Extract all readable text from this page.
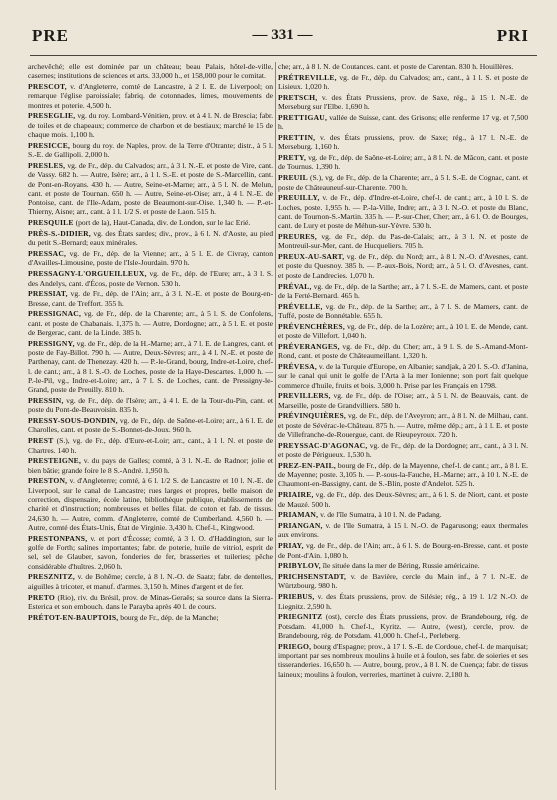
PRE	— 331 —	PRI

archevêché; elle est dominée par un château; beau Palais, hôtel-de-ville, casernes; institutions de sciences et arts. 33,000 h., et 158,000 pour le comitat.

PRESCOT, v. d'Angleterre, comté de Lancastre, à 2 l. E. de Liverpool; on remarque l'église paroissiale; fabriq. de cotonnades, limes, mouvements de montres et poterie. 4,500 h.

PRESEGLIE, vg. du roy. Lombard-Vénitien, prov. et à 4 l. N. de Brescia; fabr. de toiles et de chapeaux; commerce de charbon et de bestiaux; marché le 15 de chaque mois. 1,100 h.

PRESICCE, bourg du roy. de Naples, prov. de la Terre d'Otrante; distr., à 5 l. S.-E. de Gallipoli. 2,000 h.

PRESLES, vg. de Fr., dép. du Calvados; arr., à 3 l. N.-E. et poste de Vire, cant. de Vassy. 682 h. — Autre, Isère; arr., à 1 l. S.-E. et poste de S.-Marcellin, cant. de Pont-en-Royans. 430 h. — Autre, Seine-et-Marne; arr., à 5 l. N. de Melun, cant. et poste de Tournan. 650 h. — Autre, Seine-et-Oise; arr., à 4 l. N.-E. de Pontoise, cant. de l'Ile-Adam, poste de Beaumont-sur-Oise. 1,340 h. — P.-et-Thierny, Aisne; arr., cant. à 1 l. 1/2 S. et poste de Laon. 515 h.

PRESQUILE (port de la), Haut-Canada, div. de London, sur le lac Erié.

PRÈS-S.-DIDIER, vg. des États sardes; div., prov., à 6 l. N. d'Aoste, au pied du petit S.-Bernard; eaux minérales.

PRESSAC, vg. de Fr., dép. de la Vienne; arr., à 5 l. E. de Civray, canton d'Availles-Limousine, poste de l'Isle-Jourdain. 970 h.

PRESSAGNY-L'ORGUEILLEUX, vg. de Fr., dép. de l'Eure; arr., à 3 l. S. des Andelys, cant. d'Écos, poste de Vernon. 530 h.

PRESSIAT, vg. de Fr., dép. de l'Ain; arr., à 3 l. N.-E. et poste de Bourg-en-Bresse, cant. de Treffort. 355 h.

PRESSIGNAC, vg. de Fr., dép. de la Charente; arr., à 5 l. S. de Confolens, cant. et poste de Chabanais. 1,375 h. — Autre, Dordogne; arr., à 5 l. E. et poste de Bergerac, cant. de la Linde. 385 h.

PRESSIGNY, vg. de Fr., dép. de la H.-Marne; arr., à 7 l. E. de Langres, cant. et poste de Fay-Billot. 790 h. — Autre, Deux-Sèvres; arr., à 4 l. N.-E. et poste de Parthenay, cant. de Thenezay. 420 h. — P.-le-Grand, bourg, Indre-et-Loire, chef-l. de cant.; arr., à 8 l. S.-O. de Loches, poste de la Haye-Descartes. 1,000 h. — P.-le-Pil, vg., Indre-et-Loire; arr., à 7 l. S. de Loches, cant. de Pressigny-le-Grand, poste de Preuilly. 810 h.

PRESSIN, vg. de Fr., dép. de l'Isère; arr., à 4 l. E. de la Tour-du-Pin, cant. et poste du Pont-de-Beauvoisin. 835 h.

PRESSY-SOUS-DONDIN, vg. de Fr., dép. de Saône-et-Loire; arr., à 6 l. E. de Charolles, cant. et poste de S.-Bonnet-de-Joux. 960 h.

PREST (S.), vg. de Fr., dép. d'Eure-et-Loir; arr., cant., à 1 l. N. et poste de Chartres. 140 h.

PRESTEIGNE, v. du pays de Galles; comté, à 3 l. N.-E. de Radnor; jolie et bien bâtie; grande foire le 8 S.-André. 1,950 h.

PRESTON, v. d'Angleterre; comté, à 6 l. 1/2 S. de Lancastre et 10 l. N.-E. de Liverpool, sur le canal de Lancastre; rues larges et propres, belle maison de correction, dispensaire, école latine, bibliothèque publique, établissements de charité et d'instruction; nombreuses et belles filat. de coton et fab. de tissus. 24,630 h. — Autre, comm. d'Angleterre, comté de Cumberland. 4,560 h. — Autre, comté des États-Unis, État de Virginie. 3,430 h. Chef-l., Kingwood.

PRESTONPANS, v. et port d'Écosse; comté, à 3 l. O. d'Haddington, sur le golfe de Forth; salines importantes; fabr. de poterie, huile de vitriol, esprit de sel, sel de Glauber, savon, fonderies de fer, brasseries et tuileries; pêche considérable d'huîtres. 2,060 h.

PRESZNITZ, v. de Bohême; cercle, à 8 l. N.-O. de Saatz; fabr. de dentelles, aiguilles à tricoter, et manuf. d'armes. 3,150 h. Mines d'argent et de fer.

PRETO (Rio), riv. du Brésil, prov. de Minas-Geraës; sa source dans la Sierra-Esterica et son embouch. dans le Parayba après 40 l. de cours.

PRÉTOT-EN-BAUPTOIS, bourg de Fr., dép. de la Manche;

che; arr., à 8 l. N. de Coutances. cant. et poste de Carentan. 830 h. Houillères.

PRÉTREVILLE, vg. de Fr., dép. du Calvados; arr., cant., à 1 l. S. et poste de Lisieux. 1,020 h.

PRETSCH, v. des États Prussiens, prov. de Saxe, rég., à 15 l. N.-E. de Merseburg sur l'Elbe. 1,690 h.

PRETTIGAU, vallée de Suisse, cant. des Grisons; elle renferme 17 vg. et 7,500 h.

PRETTIN, v. des États prussiens, prov. de Saxe; rég., à 17 l. N.-E. de Merseburg. 1,160 h.

PRETY, vg. de Fr., dép. de Saône-et-Loire; arr., à 8 l. N. de Mâcon, cant. et poste de Tournus. 1,390 h.

PREUIL (S.), vg. de Fr., dép. de la Charente; arr., à 5 l. S.-E. de Cognac, cant. et poste de Châteauneuf-sur-Charente. 700 h.

PREUILLY, v. de Fr., dép. d'Indre-et-Loire, chef-l. de cant.; arr., à 10 l. S. de Loches, poste. 1,955 h. — P.-la-Ville, Indre; arr., à 3 l. N.-O. et poste du Blanc, cant. de Tournon-S.-Martin. 335 h. — P.-sur-Cher, Cher; arr., à 6 l. O. de Bourges, cant. de Lury et poste de Méhun-sur-Yèvre. 530 h.

PREURES, vg. de Fr., dép. du Pas-de-Calais; arr., à 3 l. N. et poste de Montreuil-sur-Mer, cant. de Hucqueliers. 705 h.

PREUX-AU-SART, vg. de Fr., dép. du Nord; arr., à 8 l. N.-O. d'Avesnes, cant. et poste du Quesnoy. 385 h. — P.-aux-Bois, Nord; arr., à 5 l. O. d'Avesnes, cant. et poste de Landrecies. 1,070 h.

PRÉVAL, vg. de Fr., dép. de la Sarthe; arr., à 7 l. S.-E. de Mamers, cant. et poste de la Ferté-Bernard. 465 h.

PRÉVELLE, vg. de Fr., dép. de la Sarthe; arr., à 7 l. S. de Mamers, cant. de Tuffé, poste de Bonnétable. 655 h.

PRÉVENCHÈRES, vg. de Fr., dép. de la Lozère; arr., à 10 l. E. de Mende, cant. et poste de Villefort. 1,040 h.

PRÉVERANGES, vg. de Fr., dép. du Cher; arr., à 9 l. S. de S.-Amand-Mont-Rond, cant. et poste de Châteaumeillant. 1,320 h.

PRÉVESA, v. de la Turquie d'Europe, en Albanie; sandjak, à 20 l. S.-O. d'Janina, sur le canal qui unit le golfe de l'Arta à la mer Ionienne; son port fait quelque commerce d'huile, fruits et bois. 3,000 h. Prise par les Français en 1798.

PREVILLERS, vg. de Fr., dép. de l'Oise; arr., à 5 l. N. de Beauvais, cant. de Marseille, poste de Grandvilliers. 580 h.

PRÉVINQUIÈRES, vg. de Fr., dép. de l'Aveyron; arr., à 8 l. N. de Milhau, cant. et poste de Sévérac-le-Château. 875 h. — Autre, même dép.; arr., à 1 l. E. et poste de Villefranche-de-Rouergue, cant. de Rieupeyroux. 720 h.

PREYSSAC-D'AGONAC, vg. de Fr., dép. de la Dordogne; arr., cant., à 3 l. N. et poste de Périgueux. 1,530 h.

PREZ-EN-PAIL, bourg de Fr., dép. de la Mayenne, chef-l. de cant.; arr., à 8 l. E. de Mayenne; poste. 3,105 h. — P.-sous-la-Fauche, H.-Marne; arr., à 10 l. N.-E. de Chaumont-en-Bassigny, cant. de S.-Blin, poste d'Andelot. 525 h.

PRIAIRE, vg. de Fr., dép. des Deux-Sèvres; arr., à 6 l. S. de Niort, cant. et poste de Mauzé. 500 h.

PRIAMAN, v. de l'île Sumatra, à 10 l. N. de Padang.

PRIANGAN, v. de l'île Sumatra, à 15 l. N.-O. de Pagarusong; eaux thermales aux environs.

PRIAY, vg. de Fr., dép. de l'Ain; arr., à 6 l. S. de Bourg-en-Bresse, cant. et poste de Pont-d'Ain. 1,080 h.

PRIBYLOV, île située dans la mer de Béring, Russie américaine.

PRICHSENSTADT, v. de Bavière, cercle du Main inf., à 7 l. N.-E. de Würtzbourg. 980 h.

PRIEBUS, v. des États prussiens, prov. de Silésie; rég., à 19 l. 1/2 N.-O. de Liegnitz. 2,590 h.

PRIEGNITZ (ost), cercle des États prussiens, prov. de Brandebourg, rég. de Potsdam. 41,000 h. Chef-l., Kyritz. — Autre, (west), cercle, prov. de Brandebourg, rég. de Potsdam. 41,000 h. Chef-l., Perleberg.

PRIEGO, bourg d'Espagne; prov., à 17 l. S.-E. de Cordoue, chef-l. de marquisat; important par ses nombreux moulins à huile et à foulon, ses fabr. de soieries et ses tisseranderies. 16,650 h. — Autre, bourg, prov., à 8 l. N. de Cuença; fabr. de tissus laineux; moulins à foulon, verreries, martinet à cuivre. 2,180 h.
